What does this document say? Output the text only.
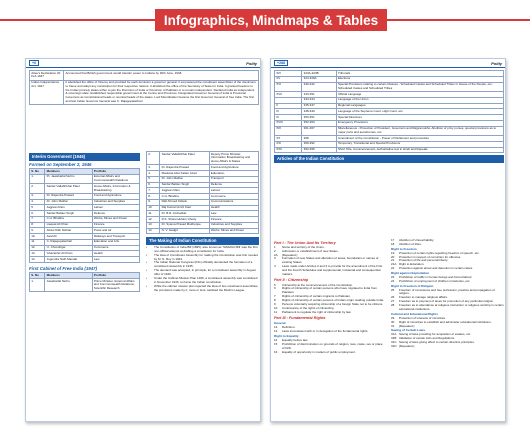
Infographics, Mindmaps & Tables
+6	Polity
Atlee's Declaration 20 Feb 1947	Announced that British government would transfer power to Indians by 30th June, 1948.
Indian Independence Act, 1947	It abolished the office of Viceroy and provided for each dominion a governor general. It empowered the constituent assemblies of the dominions to frame and adopt any constitution for their respective nations. It abolished the office of the Secretary of State for India. It granted freedom to the Indian princely states either to join the Dominion of India or Dominion of Pakistan or to remain independent. Declared India as independent & sovereign state. Established responsible government at the Centre and Provinces. Designated Governor General of India & Provincial Governors as Constitutional heads or nominal heads of the states. Lord Mountbatten became the first Governor General of free India. The first and last Indian Governor General was C. Rajagopalachari.
Interim Government (1946)
Formed on September 2, 1946
S. No	Members	Portfolio
1.	Pt. Jawaharlal Nehru	External Affairs and Commonwealth Relations
2.	Sardar Vallabhbhai Patel	Home Affairs, Information & Broadcasting
3.	Dr. Rajendra Prasad	Food and Agriculture
4.	Dr. John Mathai	Industries and Supplies
5.	Jagjivan Ram	Labour
6.	Sardar Baldev Singh	Defence
7.	C.H. Bhabha	Works, Mines and Power
8.	Liaquat Ali Khan	Finance
9.	Abdur Rab Nishtar	Posts and Air
10.	Asaf Ali	Railways and Transport
11.	C. Rajagopalachari	Education and Arts
12.	I.I. Chundrigar	Commerce
13.	Ghazanfar Ali Khan	Health
14.	Jogendra Nath Mandal	Law
First Cabinet of Free India (1947)
S. No	Members	Portfolio
1.	Jawaharlal Nehru	Prime Minister, External Affairs and Commonwealth Relations, Scientific Research
2.	Sardar Vallabhbhai Patel	Deputy Prime Minister, Information Broadcasting and Home Affairs & States
3.	Dr. Rajendra Prasad	Food and Agriculture
4.	Maulana Abul Kalam Azad	Education
5.	Dr. John Mathai	Transport
6.	Sardar Baldev Singh	Defence
7.	Jagjivan Ram	Labour
8.	C.H. Bhabha	Commerce
9.	Rafi Ahmed Kidwai	Communications
10.	Raj Kumari Amrit Kaur	Health
11.	Dr. B.R. Ambedkar	Law
12.	R.K. Shanmukham Chetty	Finance
13.	Dr. Syama Prasad Mukherjee	Industries and Supplies
14.	N. V. Gadgil	Works, Mines and Power
The Making of Indian Constitution
•	The Constitution of India Bill (1895), also known as 'SWARAJ Bill' was the first non-official attempt at drafting a constitution for India.
•	The idea of Constituent Assembly for making the Constitution was first mooted by M. N. Roy in 1934.
•	The Indian National Congress (INC) officially demanded the formation of a constituent assembly in 1935.
•	The demand was accepted, in principle, for a constituent assembly in August offer of 1940.
•	Under the Cabinet Mission Plan 1946, a constituent assembly was constituted in November 1946, to frame the Indian constitution.
•	While the cabinet mission plan rejected the idea of two constituent assemblies, the provisions made by it, more or less, satisfied the Muslim League.
+288	Polity
XIV	323A-323B	Tribunals
XV	324-329A	Elections
XVI	330-342	Special Provisions relating to certain Classes - Scheduled Castes and Scheduled Tribes in House of the People, etc.; Scheduled Castes and Scheduled Tribes
XVII	343-351	Official Language
	343-344	Language of the Union
II	345-347	Regional Languages
III	348-349	Language of the Supreme Court, High Court, etc.
IV	350-351	Special Directives
XVIII	352-360	Emergency Provisions
XIX	361-367	Miscellaneous - Protection of President, Governors and Rajpramukhs, Abolition of privy purses, special provisions as to major ports and aerodromes, etc.
XX	368	Amendment of the Constitution - Power of Parliament and procedure
XXI	369-392	Temporary, Transitional and Special Provisions
XXII	393-395	Short Title, Commencement, Authoritative text in Hindi and Repeals
Articles of the Indian Constitution
Part I : The Union And Its Territory
1	Name and territory of the Union.
2	Admission or establishment of new States.
2A	[Repealed.]
3	Formation of new States and alteration of areas, boundaries or names of existing States.
4	Laws made under Articles 2 and 3 to provide for the amendment of the First and the Fourth Schedules and supplemental, incidental and consequential matters.
Part II : Citizenship
5	Citizenship at the commencement of the Constitution.
6	Rights of citizenship of certain persons who have migrated to India from Pakistan.
7	Rights of citizenship of certain migrants to Pakistan.
8	Rights of citizenship of certain persons of Indian origin residing outside India.
9	Persons voluntarily acquiring citizenship of a foreign State not to be citizens.
10	Continuance of the rights of citizenship.
11	Parliament to regulate the right of citizenship by law.
Part III : Fundamental Rights
General
12	Definition.
13	Laws inconsistent with or in derogation of the fundamental rights.
Right to Equality
14	Equality before law.
15	Prohibition of discrimination on grounds of religion, race, caste, sex or place of birth.
16	Equality of opportunity in matters of public employment.
17	Abolition of Untouchability.
18	Abolition of titles.
Right to Freedom
19	Protection of certain rights regarding freedom of speech, etc.
20	Protection in respect of conviction for offences.
21	Protection of life and personal liberty.
21A Right to Education.
22	Protection against arrest and detention in certain cases.
Right against Exploitation
23	Prohibition of traffic in human beings and forced labour.
24	Prohibition of employment of children in factories, etc.
Right to Freedom of Religion
25	Freedom of conscience and free profession, practice and propagation of religion.
26	Freedom to manage religious affairs.
27	Freedom as to payment of taxes for promotion of any particular religion.
28	Freedom as to attendance at religious instruction or religious worship in certain educational institutions.
Cultural and Educational Rights
29	Protection of interests of minorities.
30	Right of minorities to establish and administer educational institutions.
31	[Repealed.]
Saving of Certain Laws
31A Saving of laws providing for acquisition of estates, etc.
31B Validation of certain Acts and Regulations.
31C Saving of laws giving effect to certain directive principles.
31D [Repealed.]
